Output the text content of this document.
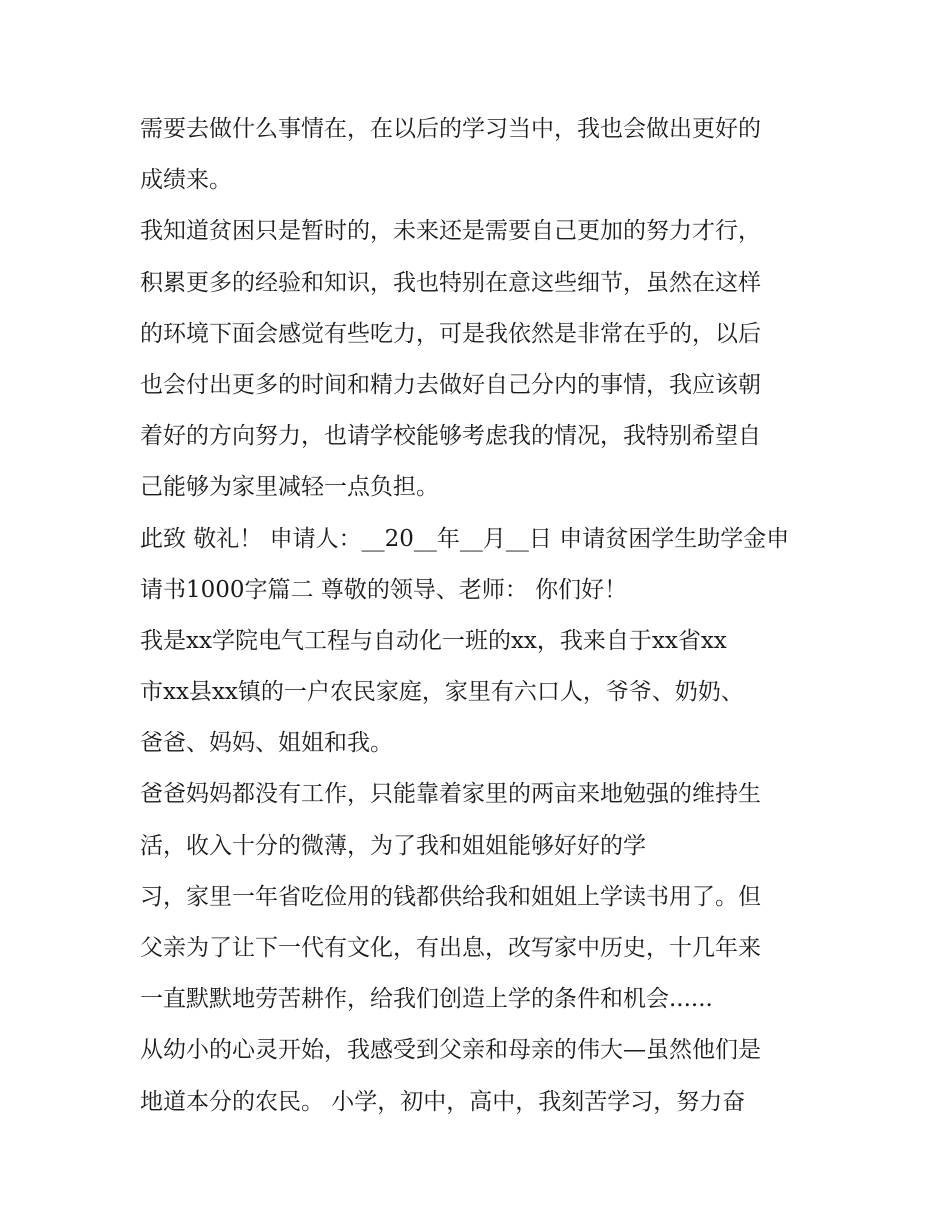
需要去做什么事情在，在以后的学习当中，我也会做出更好的
成绩来。
我知道贫困只是暂时的，未来还是需要自己更加的努力才行，
积累更多的经验和知识，我也特别在意这些细节，虽然在这样
的环境下面会感觉有些吃力，可是我依然是非常在乎的，以后
也会付出更多的时间和精力去做好自己分内的事情，我应该朝
着好的方向努力，也请学校能够考虑我的情况，我特别希望自
己能够为家里减轻一点负担。
此致 敬礼！ 申请人：__20__年__月__日 申请贫困学生助学金申
请书1000字篇二 尊敬的领导、老师： 你们好！
我是xx学院电气工程与自动化一班的xx，我来自于xx省xx
市xx县xx镇的一户农民家庭，家里有六口人，爷爷、奶奶、
爸爸、妈妈、姐姐和我。
爸爸妈妈都没有工作，只能靠着家里的两亩来地勉强的维持生
活，收入十分的微薄，为了我和姐姐能够好好的学
习，家里一年省吃俭用的钱都供给我和姐姐上学读书用了。但
父亲为了让下一代有文化，有出息，改写家中历史，十几年来
一直默默地劳苦耕作，给我们创造上学的条件和机会......
从幼小的心灵开始，我感受到父亲和母亲的伟大—虽然他们是
地道本分的农民。 小学，初中，高中，我刻苦学习，努力奋
